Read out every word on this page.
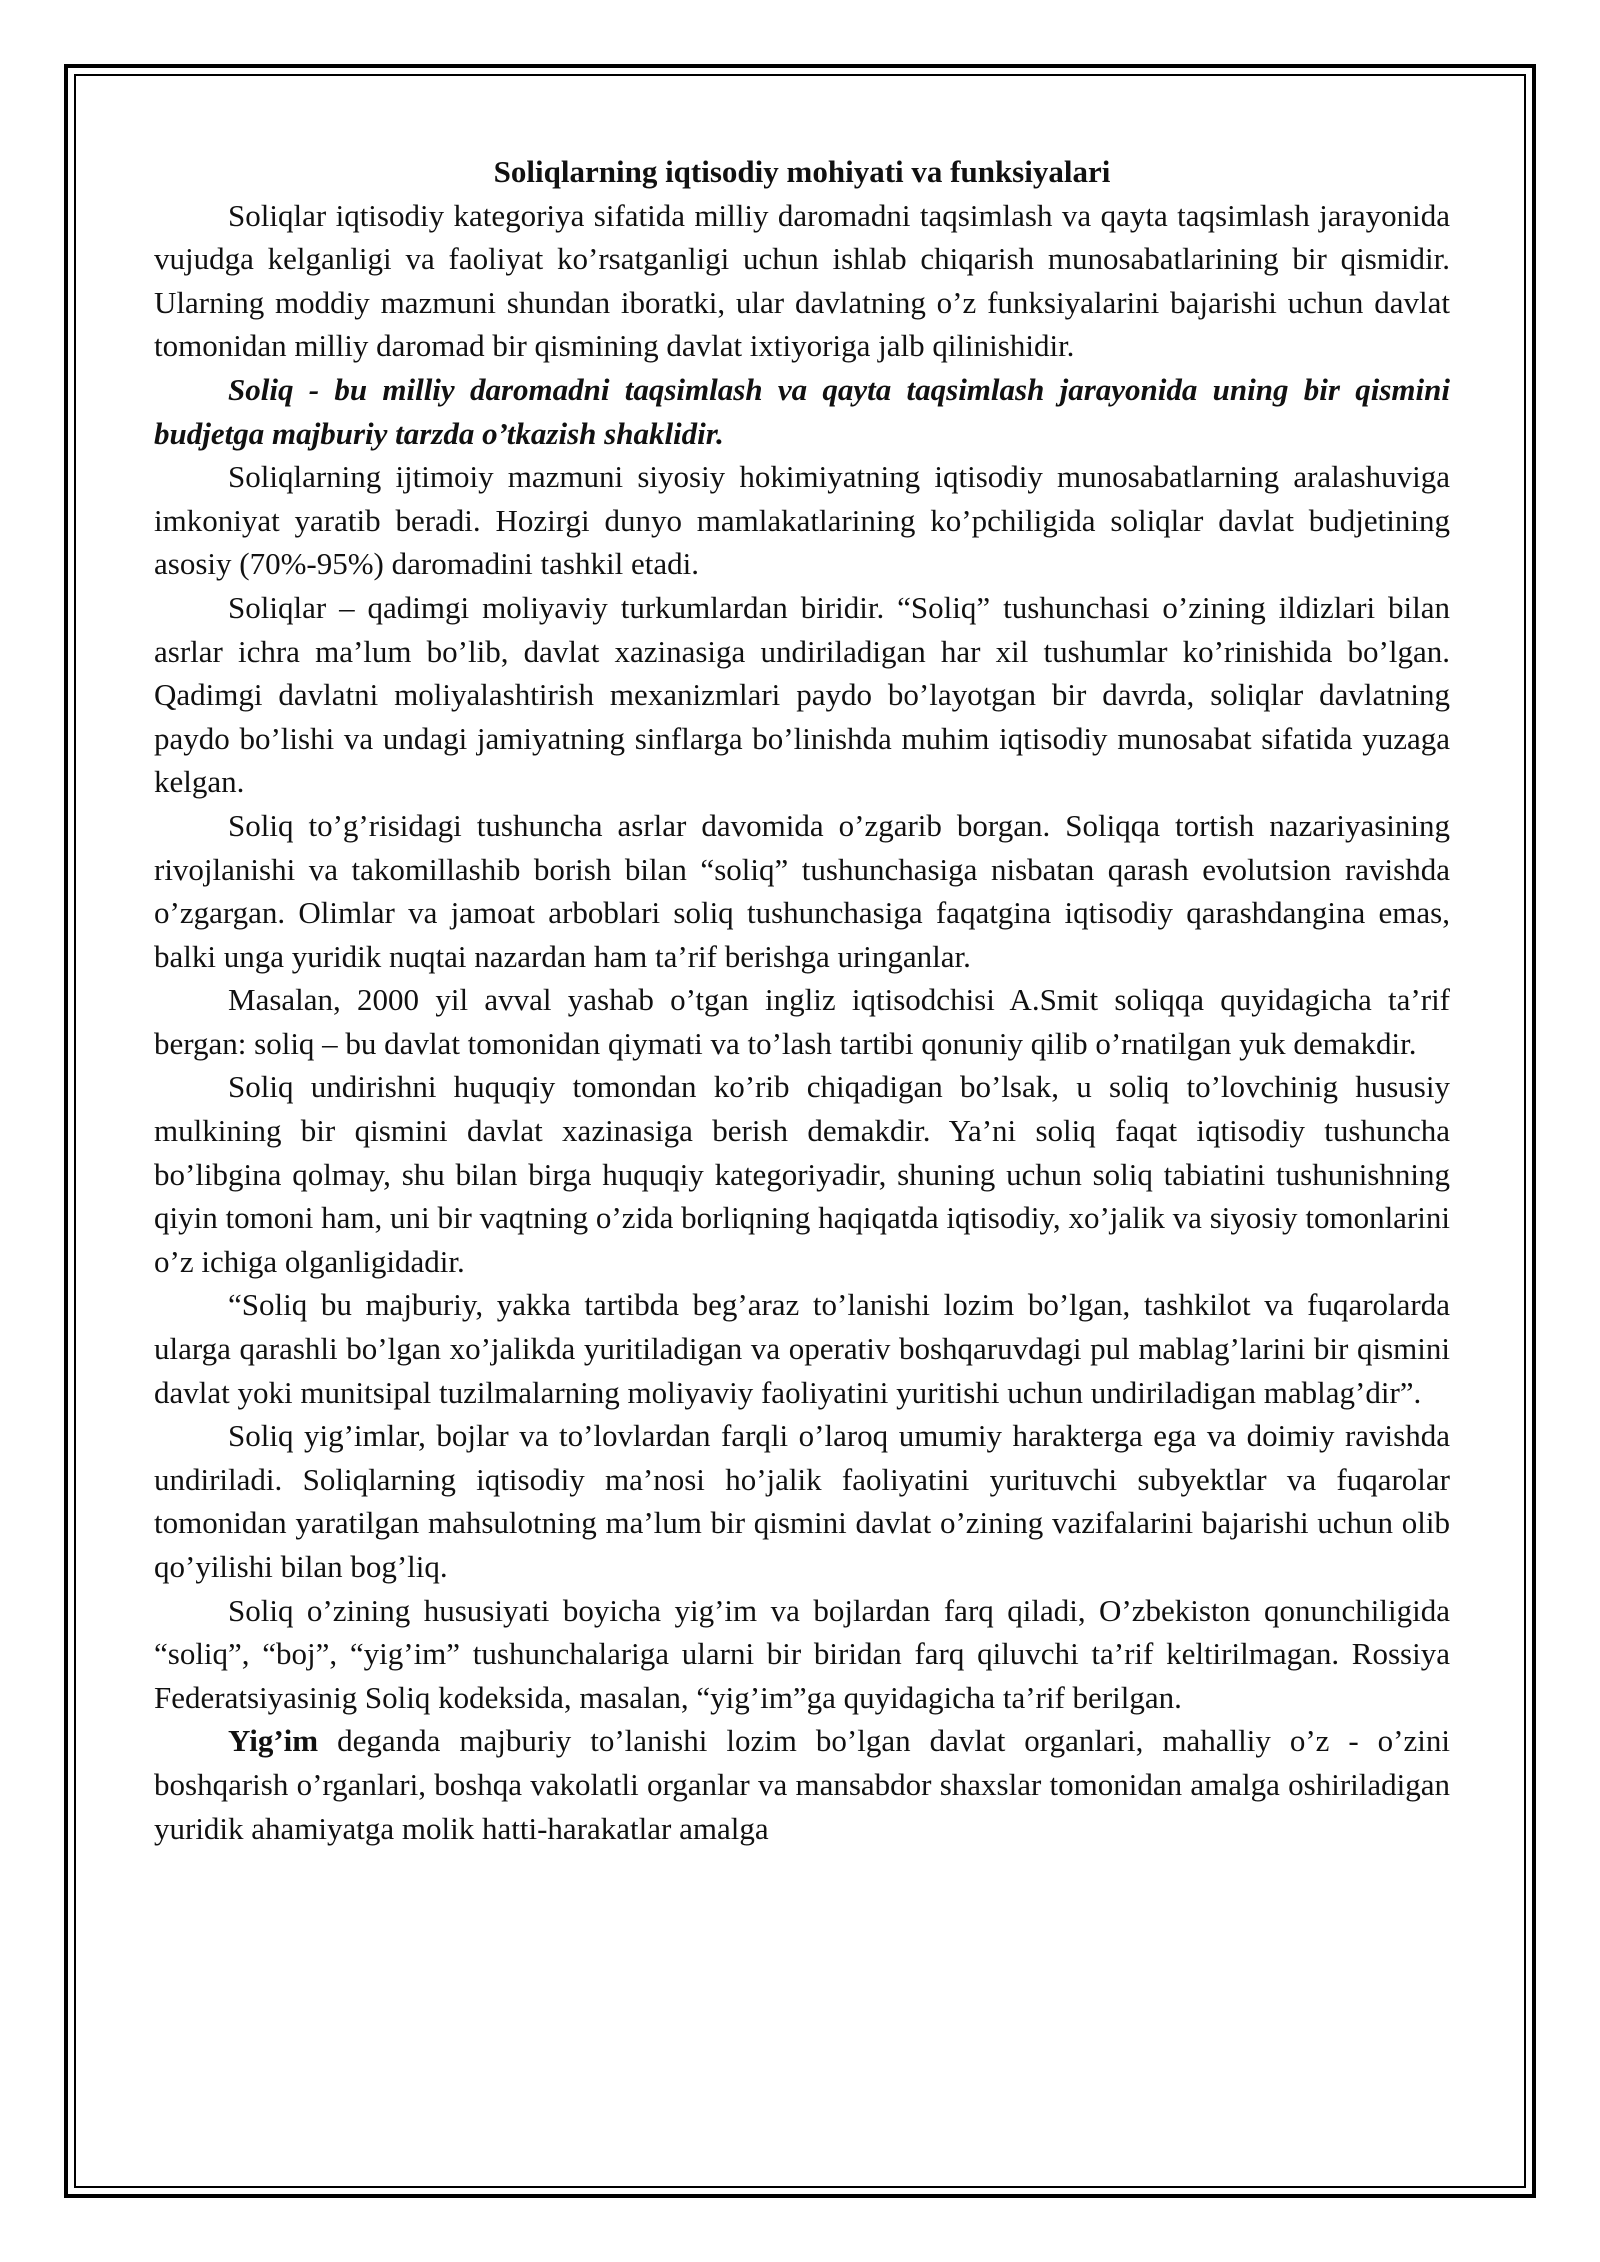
Soliqlarning iqtisodiy mohiyati va funksiyalari

Soliqlar iqtisodiy kategoriya sifatida milliy daromadni taqsimlash va qayta taqsimlash jarayonida vujudga kelganligi va faoliyat ko’rsatganligi uchun ishlab chiqarish munosabatlarining bir qismidir. Ularning moddiy mazmuni shundan iboratki, ular davlatning o’z funksiyalarini bajarishi uchun davlat tomonidan milliy daromad bir qismining davlat ixtiyoriga jalb qilinishidir.

Soliq - bu milliy daromadni taqsimlash va qayta taqsimlash jarayonida uning bir qismini budjetga majburiy tarzda o’tkazish shaklidir.

Soliqlarning ijtimoiy mazmuni siyosiy hokimiyatning iqtisodiy munosabatlarning aralashuviga imkoniyat yaratib beradi. Hozirgi dunyo mamlakatlarining ko’pchiligida soliqlar davlat budjetining asosiy (70%-95%) daromadini tashkil etadi.

Soliqlar – qadimgi moliyaviy turkumlardan biridir. “Soliq” tushunchasi o’zining ildizlari bilan asrlar ichra ma’lum bo’lib, davlat xazinasiga undiriladigan har xil tushumlar ko’rinishida bo’lgan. Qadimgi davlatni moliyalashtirish mexanizmlari paydo bo’layotgan bir davrda, soliqlar davlatning paydo bo’lishi va undagi jamiyatning sinflarga bo’linishda muhim iqtisodiy munosabat sifatida yuzaga kelgan.

Soliq to’g’risidagi tushuncha asrlar davomida o’zgarib borgan. Soliqqa tortish nazariyasining rivojlanishi va takomillashib borish bilan “soliq” tushunchasiga nisbatan qarash evolutsion ravishda o’zgargan. Olimlar va jamoat arboblari soliq tushunchasiga faqatgina iqtisodiy qarashdangina emas, balki unga yuridik nuqtai nazardan ham ta’rif berishga uringanlar.

Masalan, 2000 yil avval yashab o’tgan ingliz iqtisodchisi A.Smit soliqqa quyidagicha ta’rif bergan: soliq – bu davlat tomonidan qiymati va to’lash tartibi qonuniy qilib o’rnatilgan yuk demakdir.

Soliq undirishni huquqiy tomondan ko’rib chiqadigan bo’lsak, u soliq to’lovchinig hususiy mulkining bir qismini davlat xazinasiga berish demakdir. Ya’ni soliq faqat iqtisodiy tushuncha bo’libgina qolmay, shu bilan birga huquqiy kategoriyadir, shuning uchun soliq tabiatini tushunishning qiyin tomoni ham, uni bir vaqtning o’zida borliqning haqiqatda iqtisodiy, xo’jalik va siyosiy tomonlarini o’z ichiga olganligidadir.

“Soliq bu majburiy, yakka tartibda beg’araz to’lanishi lozim bo’lgan, tashkilot va fuqarolarda ularga qarashli bo’lgan xo’jalikda yuritiladigan va operativ boshqaruvdagi pul mablag’larini bir qismini davlat yoki munitsipal tuzilmalarning moliyaviy faoliyatini yuritishi uchun undiriladigan mablag’dir”.

Soliq yig’imlar, bojlar va to’lovlardan farqli o’laroq umumiy harakterga ega va doimiy ravishda undiriladi. Soliqlarning iqtisodiy ma’nosi ho’jalik faoliyatini yurituvchi subyektlar va fuqarolar tomonidan yaratilgan mahsulotning ma’lum bir qismini davlat o’zining vazifalarini bajarishi uchun olib qo’yilishi bilan bog’liq.

Soliq o’zining hususiyati boyicha yig’im va bojlardan farq qiladi, O’zbekiston qonunchiligida “soliq”, “boj”, “yig’im” tushunchalariga ularni bir biridan farq qiluvchi ta’rif keltirilmagan. Rossiya Federatsiyasinig Soliq kodeksida, masalan, “yig’im”ga quyidagicha ta’rif berilgan.

Yig’im deganda majburiy to’lanishi lozim bo’lgan davlat organlari, mahalliy o’z - o’zini boshqarish o’rganlari, boshqa vakolatli organlar va mansabdor shaxslar tomonidan amalga oshiriladigan yuridik ahamiyatga molik hatti-harakatlar amalga
